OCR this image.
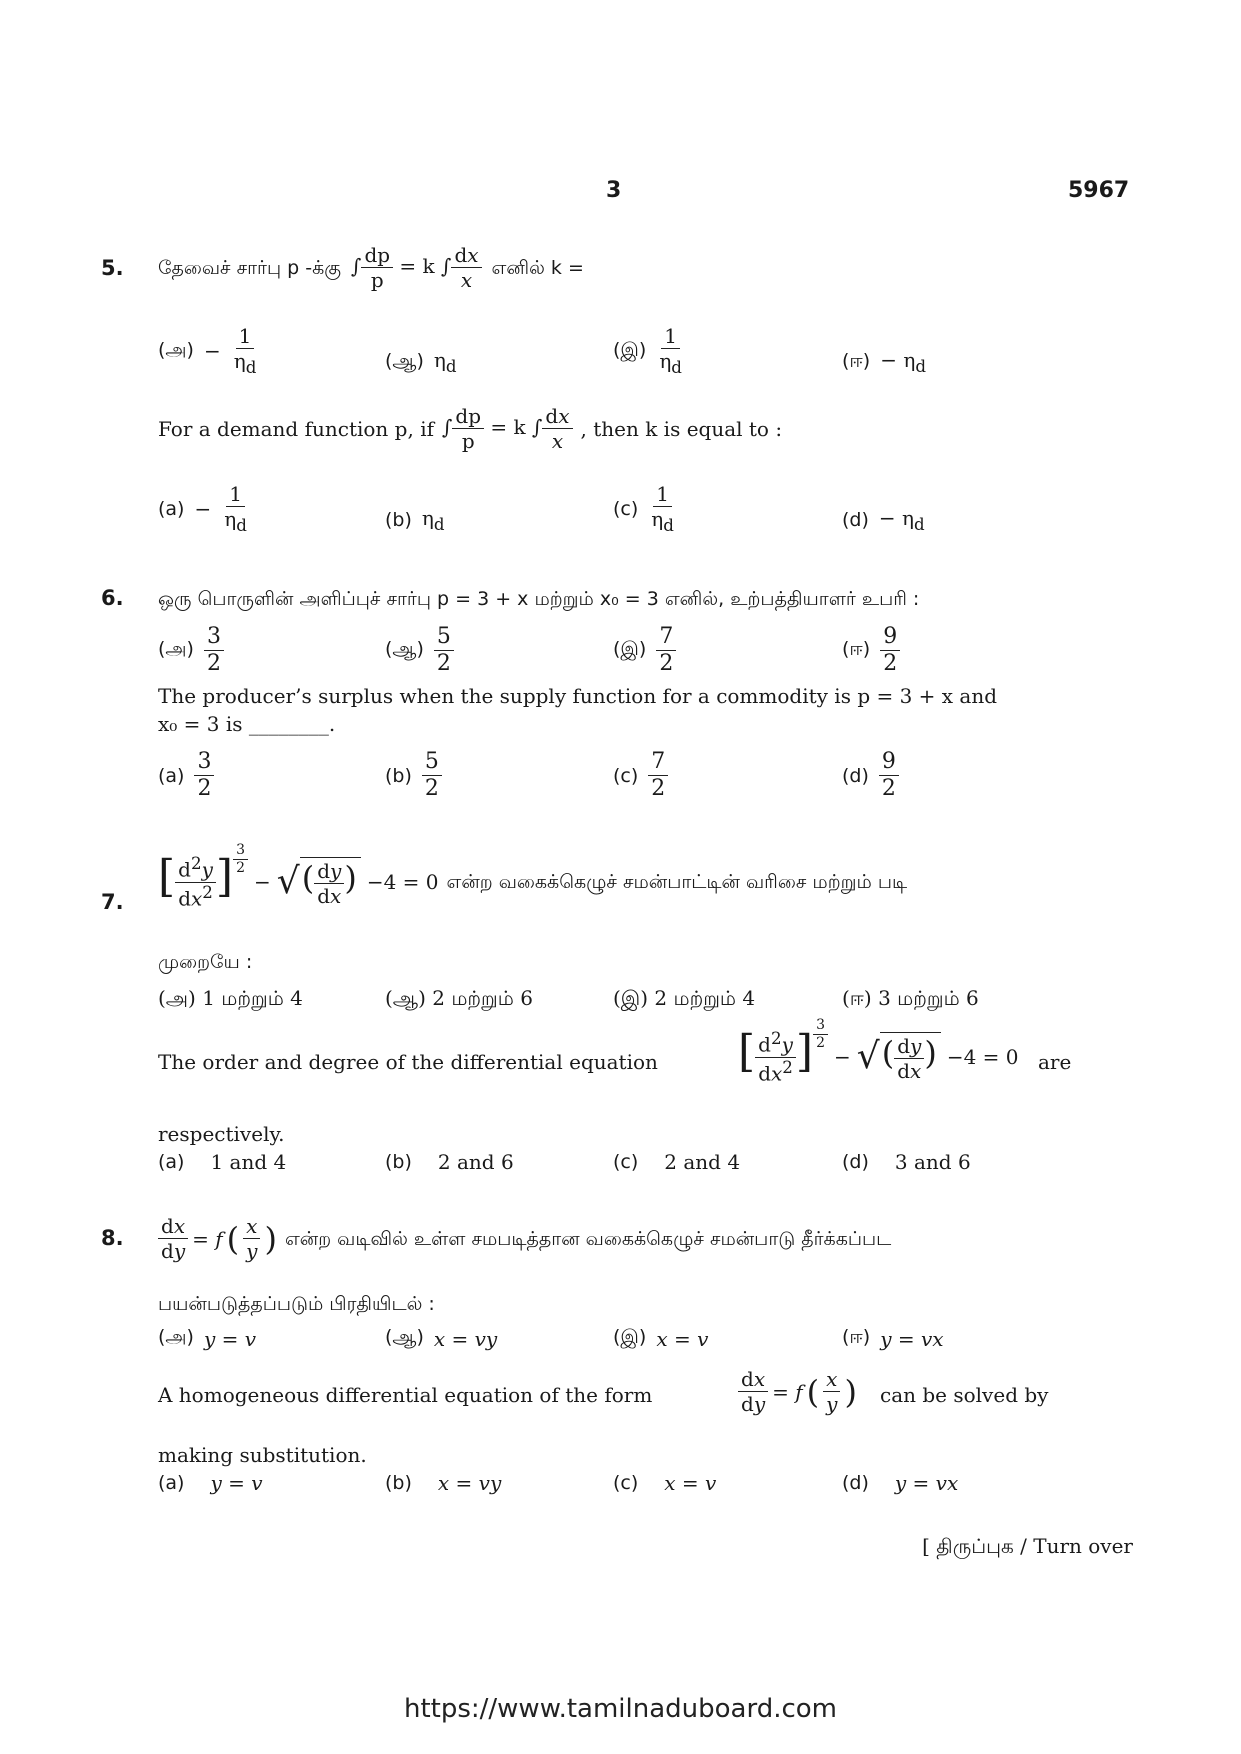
3	5967
5. தேவைச் சார்பு p -க்கு ∫ $\frac{dp}{p} = k$ ∫ $\frac{dx}{x}$ எனில் k =
(அ) − $\frac{1}{\eta_d}$	(ஆ) $\eta_d$
(இ) $\frac{1}{\eta_d}$	(ஈ) − $\eta_d$
For a demand function p, if ∫ $\frac{dp}{p} = k$ ∫ $\frac{dx}{x}$ , then k is equal to :
$(a) - \frac{1}{\eta_d}$	(b) $\eta_d$
$(c) \frac{1}{\eta_d}$	$(d) - \eta_d$
6. ஒரு பொருளின் அளிப்புச் சார்பு p = 3 + x மற்றும் x₀ = 3 எனில், உற்பத்தியாளர் உபரி :
(அ) $\frac{3}{2}$	(ஆ) $\frac{5}{2}$	(இ) $\frac{7}{2}$	(ஈ) $\frac{9}{2}$
The producer’s surplus when the supply function for a commodity is p = 3 + x and
x₀ = 3 is ________.
$(a) \frac{3}{2}$	$(b) \frac{5}{2}$	$(c) \frac{7}{2}$	$(d) \frac{9}{2}$
7. [ $\frac{d^2y}{dx^2}$ ] $\frac{3}{2}$
− √ ( $\frac{dy}{dx}$ ) −4 = 0 என்ற வகைக்கெழுச் சமன்பாட்டின் வரிசை மற்றும் படி
முறையே :
(அ) 1 மற்றும் 4	(ஆ) 2 மற்றும் 6	(இ) 2 மற்றும் 4	(ஈ) 3 மற்றும் 6
The order and degree of the differential equation [ $\frac{d^2y}{dx^2}$ ] $\frac{3}{2}$
− √ ( $\frac{dy}{dx}$ ) −4 = 0 are
respectively.
(a) 1 and 4	(b) 2 and 6	(c) 2 and 4	(d) 3 and 6
8. $\frac{dx}{dy} = f$ ( $\frac{x}{y}$ ) என்ற வடிவில் உள்ள சமபடித்தான வகைக்கெழுச் சமன்பாடு தீர்க்கப்பட
பயன்படுத்தப்படும் பிரதியிடல் :
(அ) y = v	(ஆ) x = vy	(இ) x = v	(ஈ) y = vx
A homogeneous differential equation of the form	$\frac{dx}{dy} = f$ ( $\frac{x}{y}$ ) can be solved by
making substitution.
(a) y = v	(b) x = vy	(c) x = v	(d) y = vx
[ திருப்புக / Turn over
https://www.tamilnaduboard.com
